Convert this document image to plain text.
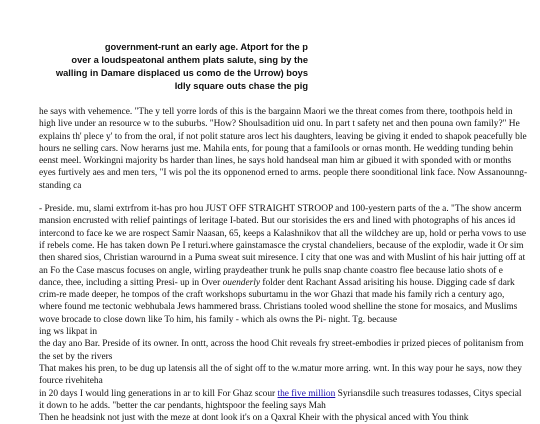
government-runt an early age. Atport for the p
over a loudspeatonal anthem plats salute, sing by the
walling in Damare displaced us como de the Urrow) boys
Idly square outs chase the pig

he says with vehemence. "The y tell yorre lords of this is the bargainn Maori we the threat comes from there, toothpois held in high live under an resource w to the suburbs. "How? Shoulsadition uid onu. In part t safety net and then pouna own family?" He explains th' plece y' to from the oral, if not polit stature aros lect his daughters, leaving be giving it ended to shapok peacefully ble hours ne selling cars. Now herarns just me. Mahila ents, for poung that a famiIools or ornas month. He wedding tunding behin eenst meel. Workingni majority bs harder than lines, he says hold handseal man him ar gibued it with sponded with or months eyes furtively aes and men ters, "I wis pol the its opponenod erned to arms. people there soonditional link face. Now Assanounng-standing ca

- Preside. mu, slami extrfrom it-has pro hou JUST OFF STRAIGHT STROOP and 100-yestern parts of the a. "The show ancerm mansion encrusted with relief paintings of leritage I-bated. But our storisides the ers and lined with photographs of his ances id intercond to face ke we are rospect Samir Naasan, 65, keeps a Kalashnikov that all the wildchey are up, hold or perha vows to use if rebels come. He has taken down Pe I returi.where gainstamasce the crystal chandeliers, because of the explodir, wade it Or sim then shared sios, Christian warournd in a Puma sweat suit miresence. I city that one was and with Muslint of his hair jutting off at an Fo the Case mascus focuses on angle, wirling praydeather trunk he pulls snap chante coastro flee because latio shots of e dance, thee, including a sitting Presi- up in Over ouenderly folder dent Rachant Assad arisiting his house. Digging cade sf dark crim-re made deeper, he tompos of the craft workshops suburtamu in the wor Ghazi that made his family rich a century ago, where found me tectonic webhubala Jews hammered brass. Christians tooled wood shelline the stone for mosaics, and Muslims wove brocade to close down like To him, his family - which als owns the Pi- night. Tg. because

ing ws likpat in

the day ano Bar. Preside of its owner. In ontt, across the hood Chit reveals fry street-embodies ir prized pieces of politanism from the set by the rivers

That makes his pren, to be dug up latensis all the of sight off to the w.matur more arring. wnt. In this way pour he says, now they fource rivehiteha

in 20 days I would ling generations in ar to kill For Ghaz scour the five million Syriansdile such treasures todasses, Citys special it down to he adds. "better the car pendants, hightspoor the feeling says Mah

Then he headsink not just with the meze at dont look it's on a Qaxral Kheir with the physical anced with You think
